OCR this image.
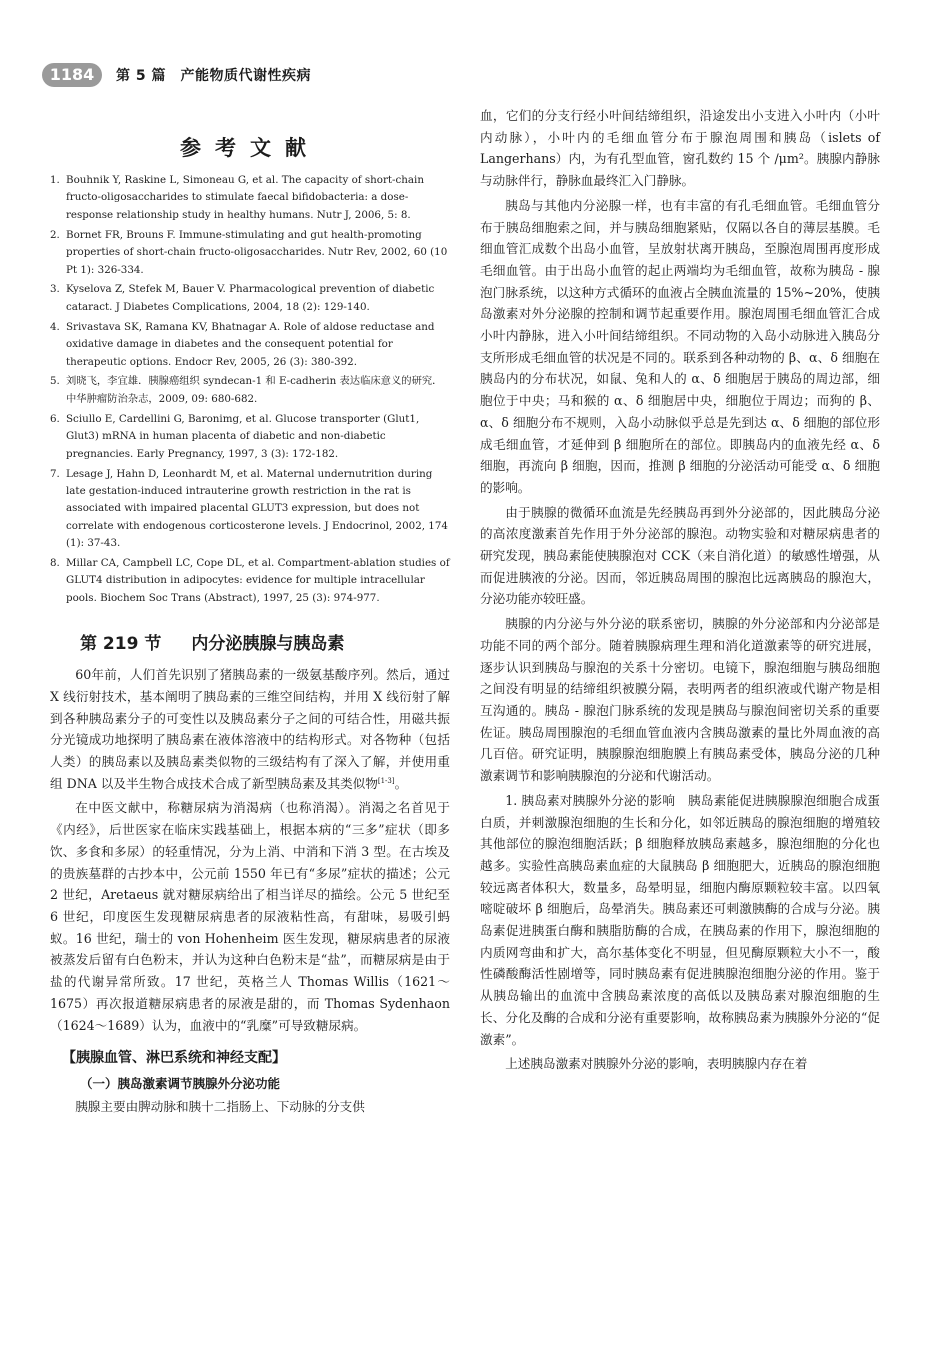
1184	第 5 篇　产能物质代谢性疾病
参考文献
1. Bouhnik Y, Raskine L, Simoneau G, et al. The capacity of short-chain fructo-oligosaccharides to stimulate faecal bifidobacteria: a dose-response relationship study in healthy humans. Nutr J, 2006, 5: 8.
2. Bornet FR, Brouns F. Immune-stimulating and gut health-promoting properties of short-chain fructo-oligosaccharides. Nutr Rev, 2002, 60 (10 Pt 1): 326-334.
3. Kyselova Z, Stefek M, Bauer V. Pharmacological prevention of diabetic cataract. J Diabetes Complications, 2004, 18 (2): 129-140.
4. Srivastava SK, Ramana KV, Bhatnagar A. Role of aldose reductase and oxidative damage in diabetes and the consequent potential for therapeutic options. Endocr Rev, 2005, 26 (3): 380-392.
5. 刘晓飞，李宜雄．胰腺癌组织 syndecan-1 和 E-cadherin 表达临床意义的研究．中华肿瘤防治杂志，2009, 09: 680-682.
6. Sciullo E, Cardellini G, Baronimg, et al. Glucose transporter (Glut1, Glut3) mRNA in human placenta of diabetic and non-diabetic pregnancies. Early Pregnancy, 1997, 3 (3): 172-182.
7. Lesage J, Hahn D, Leonhardt M, et al. Maternal undernutrition during late gestation-induced intrauterine growth restriction in the rat is associated with impaired placental GLUT3 expression, but does not correlate with endogenous corticosterone levels. J Endocrinol, 2002, 174 (1): 37-43.
8. Millar CA, Campbell LC, Cope DL, et al. Compartment-ablation studies of GLUT4 distribution in adipocytes: evidence for multiple intracellular pools. Biochem Soc Trans (Abstract), 1997, 25 (3): 974-977.
第 219 节 内分泌胰腺与胰岛素

60年前，人们首先识别了猪胰岛素的一级氨基酸序列。然后，通过 X 线衍射技术，基本阐明了胰岛素的三维空间结构，并用 X 线衍射了解到各种胰岛素分子的可变性以及胰岛素分子之间的可结合性，用磁共振分光镜成功地探明了胰岛素在液体溶液中的结构形式。对各物种（包括人类）的胰岛素以及胰岛素类似物的三级结构有了深入了解，并使用重组 DNA 以及半生物合成技术合成了新型胰岛素及其类似物[1-3]。

在中医文献中，称糖尿病为消渴病（也称消渴）。消渴之名首见于《内经》，后世医家在临床实践基础上，根据本病的“三多”症状（即多饮、多食和多尿）的轻重情况，分为上消、中消和下消 3 型。在古埃及的贵族墓群的古抄本中，公元前 1550 年已有“多尿”症状的描述；公元 2 世纪，Aretaeus 就对糖尿病给出了相当详尽的描绘。公元 5 世纪至 6 世纪，印度医生发现糖尿病患者的尿液粘性高，有甜味，易吸引蚂蚁。16 世纪，瑞士的 von Hohenheim 医生发现，糖尿病患者的尿液被蒸发后留有白色粉末，并认为这种白色粉末是“盐”，而糖尿病是由于盐的代谢异常所致。17 世纪，英格兰人 Thomas Willis（1621～1675）再次报道糖尿病患者的尿液是甜的，而 Thomas Sydenhaon（1624～1689）认为，血液中的“乳糜”可导致糖尿病。

【胰腺血管、淋巴系统和神经支配】
（一）胰岛激素调节胰腺外分泌功能

胰腺主要由脾动脉和胰十二指肠上、下动脉的分支供

血，它们的分支行经小叶间结缔组织，沿途发出小支进入小叶内（小叶内动脉），小叶内的毛细血管分布于腺泡周围和胰岛（islets of Langerhans）内，为有孔型血管，窗孔数约 15 个 /μm²。胰腺内静脉与动脉伴行，静脉血最终汇入门静脉。

胰岛与其他内分泌腺一样，也有丰富的有孔毛细血管。毛细血管分布于胰岛细胞索之间，并与胰岛细胞紧贴，仅隔以各自的薄层基膜。毛细血管汇成数个出岛小血管，呈放射状离开胰岛，至腺泡周围再度形成毛细血管。由于出岛小血管的起止两端均为毛细血管，故称为胰岛 - 腺泡门脉系统，以这种方式循环的血液占全胰血流量的 15%~20%，使胰岛激素对外分泌腺的控制和调节起重要作用。腺泡周围毛细血管汇合成小叶内静脉，进入小叶间结缔组织。不同动物的入岛小动脉进入胰岛分支所形成毛细血管的状况是不同的。联系到各种动物的 β、α、δ 细胞在胰岛内的分布状况，如鼠、兔和人的 α、δ 细胞居于胰岛的周边部，细胞位于中央；马和猴的 α、δ 细胞居中央，细胞位于周边；而狗的 β、α、δ 细胞分布不规则，入岛小动脉似乎总是先到达 α、δ 细胞的部位形成毛细血管，才延伸到 β 细胞所在的部位。即胰岛内的血液先经 α、δ 细胞，再流向 β 细胞，因而，推测 β 细胞的分泌活动可能受 α、δ 细胞的影响。

由于胰腺的微循环血流是先经胰岛再到外分泌部的，因此胰岛分泌的高浓度激素首先作用于外分泌部的腺泡。动物实验和对糖尿病患者的研究发现，胰岛素能使胰腺泡对 CCK（来自消化道）的敏感性增强，从而促进胰液的分泌。因而，邻近胰岛周围的腺泡比远离胰岛的腺泡大，分泌功能亦较旺盛。

胰腺的内分泌与外分泌的联系密切，胰腺的外分泌部和内分泌部是功能不同的两个部分。随着胰腺病理生理和消化道激素等的研究进展，逐步认识到胰岛与腺泡的关系十分密切。电镜下，腺泡细胞与胰岛细胞之间没有明显的结缔组织被膜分隔，表明两者的组织液或代谢产物是相互沟通的。胰岛 - 腺泡门脉系统的发现是胰岛与腺泡间密切关系的重要佐证。胰岛周围腺泡的毛细血管血液内含胰岛激素的量比外周血液的高几百倍。研究证明，胰腺腺泡细胞膜上有胰岛素受体，胰岛分泌的几种激素调节和影响胰腺泡的分泌和代谢活动。

1. 胰岛素对胰腺外分泌的影响　胰岛素能促进胰腺腺泡细胞合成蛋白质，并刺激腺泡细胞的生长和分化，如邻近胰岛的腺泡细胞的增殖较其他部位的腺泡细胞活跃；β 细胞释放胰岛素越多，腺泡细胞的分化也越多。实验性高胰岛素血症的大鼠胰岛 β 细胞肥大，近胰岛的腺泡细胞较远离者体积大，数量多，岛晕明显，细胞内酶原颗粒较丰富。以四氧嘧啶破坏 β 细胞后，岛晕消失。胰岛素还可刺激胰酶的合成与分泌。胰岛素促进胰蛋白酶和胰脂肪酶的合成，在胰岛素的作用下，腺泡细胞的内质网弯曲和扩大，高尔基体变化不明显，但见酶原颗粒大小不一，酸性磷酸酶活性剧增等，同时胰岛素有促进胰腺泡细胞分泌的作用。鉴于从胰岛输出的血流中含胰岛素浓度的高低以及胰岛素对腺泡细胞的生长、分化及酶的合成和分泌有重要影响，故称胰岛素为胰腺外分泌的“促激素”。

上述胰岛激素对胰腺外分泌的影响，表明胰腺内存在着
